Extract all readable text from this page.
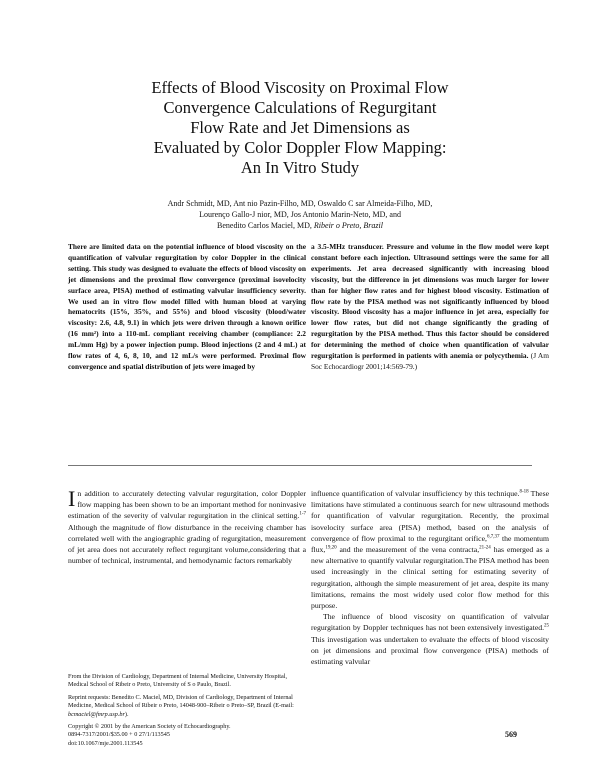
Effects of Blood Viscosity on Proximal Flow
Convergence Calculations of Regurgitant
Flow Rate and Jet Dimensions as
Evaluated by Color Doppler Flow Mapping:
An In Vitro Study
Andr Schmidt, MD, Ant nio Pazin-Filho, MD, Oswaldo C sar Almeida-Filho, MD,
Lourenço Gallo-J nior, MD, Jos Antonio Marin-Neto, MD, and
Benedito Carlos Maciel, MD, Ribeir o Preto, Brazil
There are limited data on the potential influence of blood viscosity on the quantification of valvular regurgitation by color Doppler in the clinical setting. This study was designed to evaluate the effects of blood viscosity on jet dimensions and the proximal flow convergence (proximal isovelocity surface area, PISA) method of estimating valvular insufficiency severity. We used an in vitro flow model filled with human blood at varying hematocrits (15%, 35%, and 55%) and blood viscosity (blood/water viscosity: 2.6, 4.8, 9.1) in which jets were driven through a known orifice (16 mm²) into a 110-mL compliant receiving chamber (compliance: 2.2 mL/mm Hg) by a power injection pump. Blood injections (2 and 4 mL) at flow rates of 4, 6, 8, 10, and 12 mL/s were performed. Proximal flow convergence and spatial distribution of jets were imaged by
a 3.5-MHz transducer. Pressure and volume in the flow model were kept constant before each injection. Ultrasound settings were the same for all experiments. Jet area decreased significantly with increasing blood viscosity, but the difference in jet dimensions was much larger for lower than for higher flow rates and for highest blood viscosity. Estimation of flow rate by the PISA method was not significantly influenced by blood viscosity. Blood viscosity has a major influence in jet area, especially for lower flow rates, but did not change significantly the grading of regurgitation by the PISA method. Thus this factor should be considered for determining the method of choice when quantification of valvular regurgitation is performed in patients with anemia or polycythemia. (J Am Soc Echocardiogr 2001;14:569-79.)

In addition to accurately detecting valvular regurgitation, color Doppler flow mapping has been shown to be an important method for noninvasive estimation of the severity of valvular regurgitation in the clinical setting.$^{1-7}$ Although the magnitude of flow disturbance in the receiving chamber has correlated well with the angiographic grading of regurgitation, measurement of jet area does not accurately reflect regurgitant volume,considering that a number of technical, instrumental, and hemodynamic factors remarkably

influence quantification of valvular insufficiency by this technique.$^{8-18}$ These limitations have stimulated a continuous search for new ultrasound methods for quantification of valvular regurgitation. Recently, the proximal isovelocity surface area (PISA) method, based on the analysis of convergence of flow proximal to the regurgitant orifice,$^{6,7,37}$ the momentum flux,$^{19,20}$ and the measurement of the vena contracta,$^{21-24}$ has emerged as a new alternative to quantify valvular regurgitation.The PISA method has been used increasingly in the clinical setting for estimating severity of regurgitation, although the simple measurement of jet area, despite its many limitations, remains the most widely used color flow method for this purpose.

The influence of blood viscosity on quantification of valvular regurgitation by Doppler techniques has not been extensively investigated.$^{25}$ This investigation was undertaken to evaluate the effects of blood viscosity on jet dimensions and proximal flow convergence (PISA) methods of estimating valvular

From the Division of Cardiology, Department of Internal Medicine, University Hospital, Medical School of Ribeir o Preto, University of S o Paulo, Brazil.

Reprint requests: Benedito C. Maciel, MD, Division of Cardiology, Department of Internal Medicine, Medical School of Ribeir o Preto, 14048-900–Ribeir o Preto–SP, Brazil (E-mail: bcmaciel@fmrp.usp.br).

Copyright © 2001 by the American Society of Echocardiography.
0894-7317/2001/$35.00 + 0 27/1/113545
doi:10.1067/mje.2001.113545
569
